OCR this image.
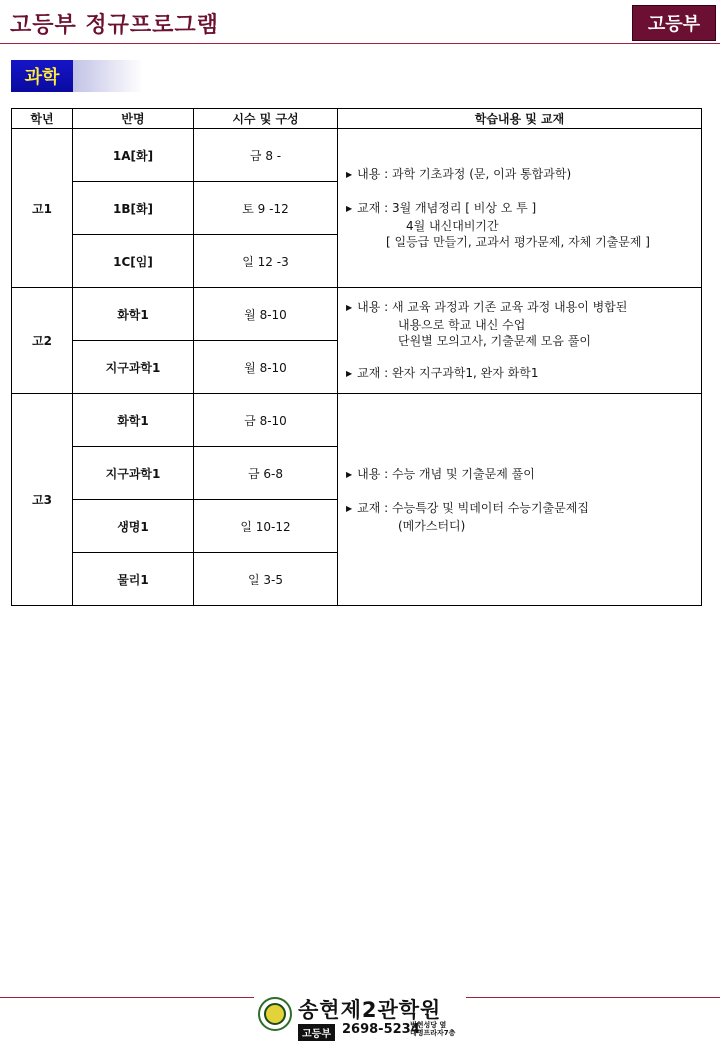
고등부 정규프로그램	고등부
과학
학년	반명	시수 및 구성	학습내용 및 교재
고1	1A[화]	금 8 -	▶ 내용 : 과학 기초과정 (문, 이과 통합과학)
▶ 교재 : 3월 개념정리 [ 비상 오 투 ]
4월 내신대비기간
[ 일등급 만들기, 교과서 평가문제, 자체 기출문제 ]

	1B[화]	토 9 -12	
	1C[임]	일 12 -3	
고2	화학1	월 8-10	▶ 내용 : 새 교육 과정과 기존 교육 과정 내용이 병합된
내용으로 학교 내신 수업
단원별 모의고사, 기출문제 모음 풀이
▶ 교재 : 완자 지구과학1, 완자 화학1

	지구과학1	월 8-10	
고3	화학1	금 8-10	▶ 내용 : 수능 개념 및 기출문제 풀이
▶ 교재 : 수능특강 및 빅데이터 수능기출문제집
(메가스터디)

	지구과학1	금 6-8	
	생명1	일 10-12	
	물리1	일 3-5	
송현제2관학원
고등부 2698-5234
범현성당 옆
대명프라자7층
